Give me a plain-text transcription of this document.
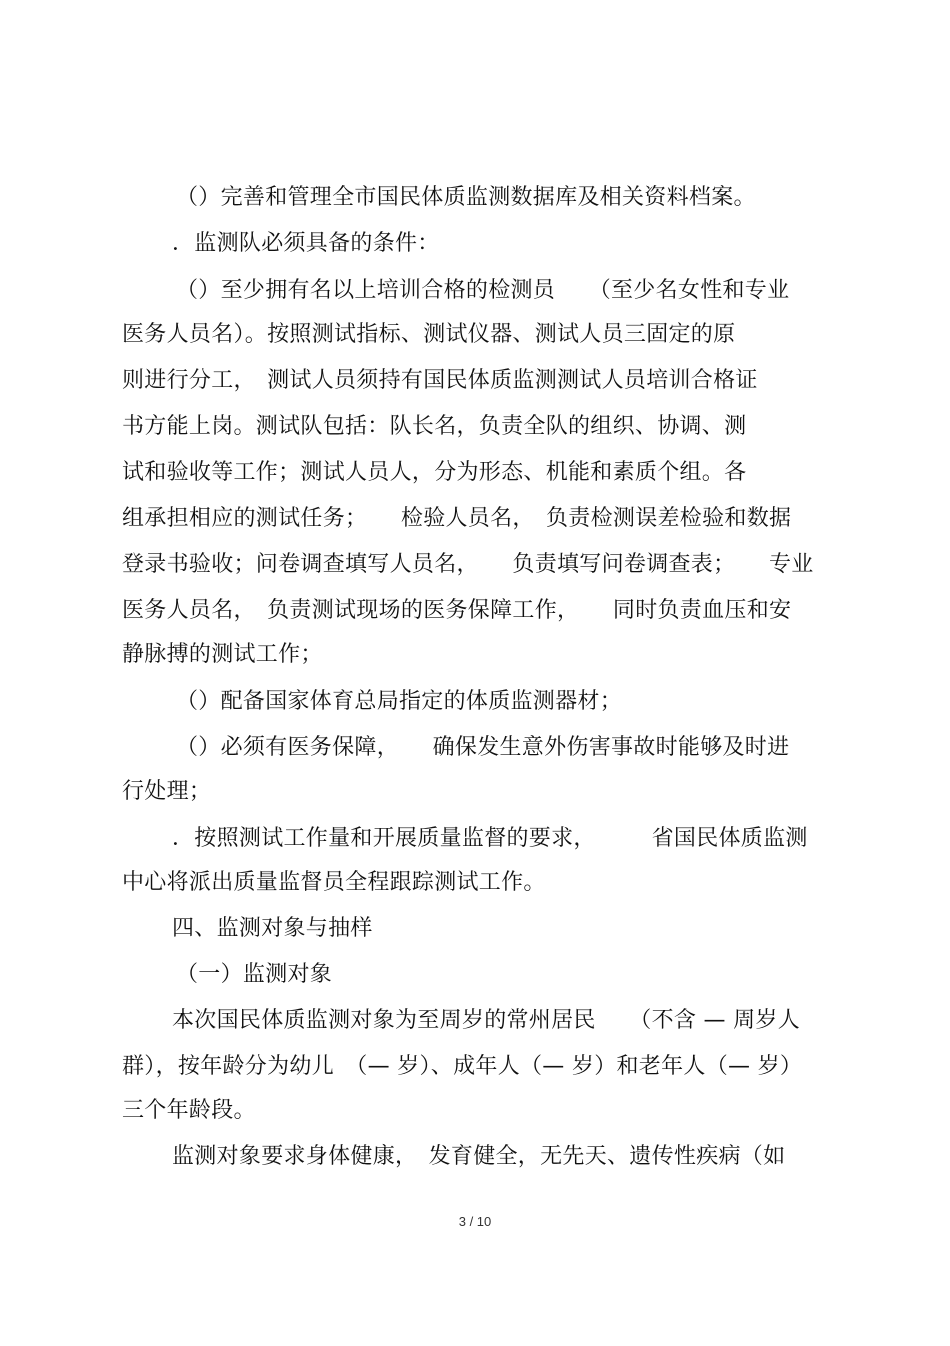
（）完善和管理全市国民体质监测数据库及相关资料档案。
．监测队必须具备的条件：
（）至少拥有名以上培训合格的检测员　　（至少名女性和专业
医务人员名）。按照测试指标、测试仪器、测试人员三固定的原
则进行分工，　测试人员须持有国民体质监测测试人员培训合格证
书方能上岗。测试队包括：队长名，负责全队的组织、协调、测
试和验收等工作；测试人员人，分为形态、机能和素质个组。各
组承担相应的测试任务；　　检验人员名，　负责检测误差检验和数据
登录书验收；问卷调查填写人员名，　　负责填写问卷调查表；　　专业
医务人员名，　负责测试现场的医务保障工作，　　同时负责血压和安
静脉搏的测试工作；
（）配备国家体育总局指定的体质监测器材；
（）必须有医务保障，　　确保发生意外伤害事故时能够及时进
行处理；
．按照测试工作量和开展质量监督的要求，　　　省国民体质监测
中心将派出质量监督员全程跟踪测试工作。
四、监测对象与抽样
（一）监测对象
本次国民体质监测对象为至周岁的常州居民　　（不含 — 周岁人
群），按年龄分为幼儿　（— 岁）、成年人（— 岁）和老年人（— 岁）
三个年龄段。
监测对象要求身体健康，　发育健全，无先天、遗传性疾病（如
3 / 10
